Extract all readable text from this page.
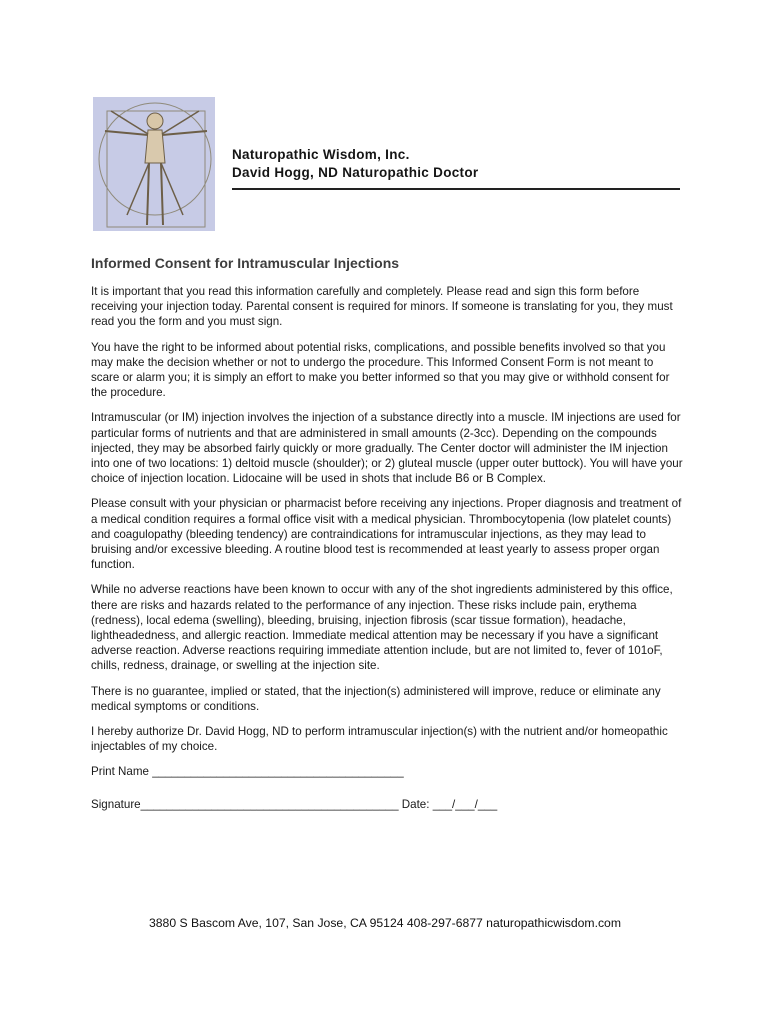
Naturopathic Wisdom, Inc.
David Hogg, ND Naturopathic Doctor
Informed Consent for Intramuscular Injections

It is important that you read this information carefully and completely. Please read and sign this form before receiving your injection today. Parental consent is required for minors. If someone is translating for you, they must read you the form and you must sign.

You have the right to be informed about potential risks, complications, and possible benefits involved so that you may make the decision whether or not to undergo the procedure. This Informed Consent Form is not meant to scare or alarm you; it is simply an effort to make you better informed so that you may give or withhold consent for the procedure.

Intramuscular (or IM) injection involves the injection of a substance directly into a muscle. IM injections are used for particular forms of nutrients and that are administered in small amounts (2-3cc). Depending on the compounds injected, they may be absorbed fairly quickly or more gradually. The Center doctor will administer the IM injection into one of two locations: 1) deltoid muscle (shoulder); or 2) gluteal muscle (upper outer buttock). You will have your choice of injection location. Lidocaine will be used in shots that include B6 or B Complex.

Please consult with your physician or pharmacist before receiving any injections. Proper diagnosis and treatment of a medical condition requires a formal office visit with a medical physician. Thrombocytopenia (low platelet counts) and coagulopathy (bleeding tendency) are contraindications for intramuscular injections, as they may lead to bruising and/or excessive bleeding. A routine blood test is recommended at least yearly to assess proper organ function.

While no adverse reactions have been known to occur with any of the shot ingredients administered by this office, there are risks and hazards related to the performance of any injection. These risks include pain, erythema (redness), local edema (swelling), bleeding, bruising, injection fibrosis (scar tissue formation), headache, lightheadedness, and allergic reaction. Immediate medical attention may be necessary if you have a significant adverse reaction. Adverse reactions requiring immediate attention include, but are not limited to, fever of 101oF, chills, redness, drainage, or swelling at the injection site.

There is no guarantee, implied or stated, that the injection(s) administered will improve, reduce or eliminate any medical symptoms or conditions.

I hereby authorize Dr. David Hogg, ND to perform intramuscular injection(s) with the nutrient and/or homeopathic injectables of my choice.

Print Name _______________________________________

Signature________________________________________ Date: ___/___/___

3880 S Bascom Ave, 107, San Jose, CA 95124 408-297-6877 naturopathicwisdom.com
